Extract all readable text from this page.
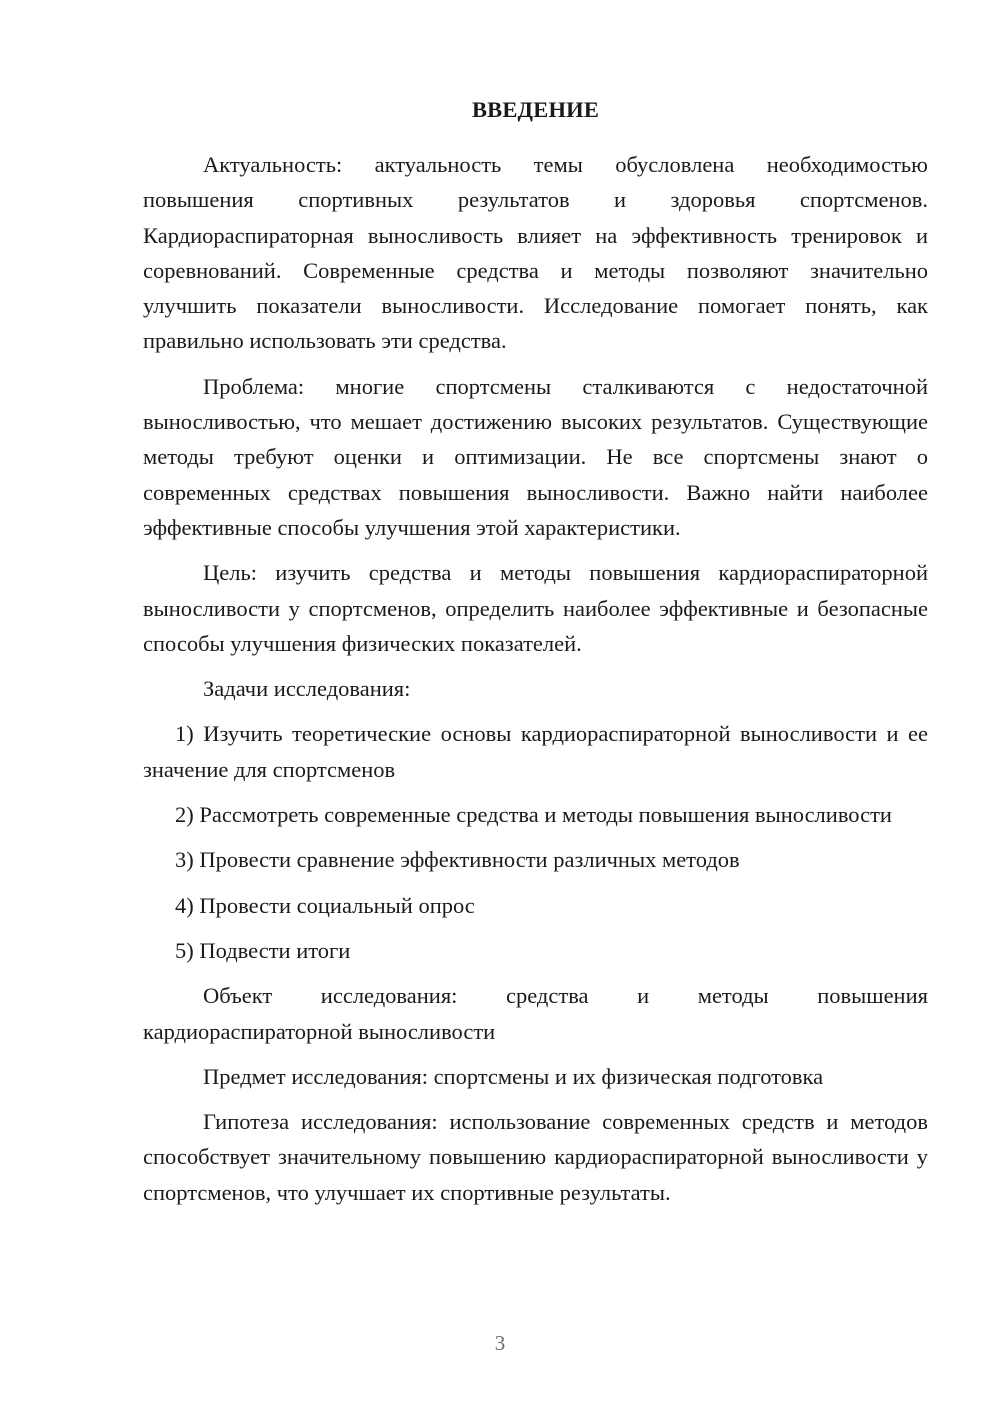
ВВЕДЕНИЕ

Актуальность: актуальность темы обусловлена необходимостью повышения спортивных результатов и здоровья спортсменов. Кардиораспираторная выносливость влияет на эффективность тренировок и соревнований. Современные средства и методы позволяют значительно улучшить показатели выносливости. Исследование помогает понять, как правильно использовать эти средства.

Проблема: многие спортсмены сталкиваются с недостаточной выносливостью, что мешает достижению высоких результатов. Существующие методы требуют оценки и оптимизации. Не все спортсмены знают о современных средствах повышения выносливости. Важно найти наиболее эффективные способы улучшения этой характеристики.

Цель: изучить средства и методы повышения кардиораспираторной выносливости у спортсменов, определить наиболее эффективные и безопасные способы улучшения физических показателей.

Задачи исследования:

1) Изучить теоретические основы кардиораспираторной выносливости и ее значение для спортсменов

2) Рассмотреть современные средства и методы повышения выносливости

3) Провести сравнение эффективности различных методов

4) Провести социальный опрос

5) Подвести итоги

Объект исследования: средства и методы повышения кардиораспираторной выносливости

Предмет исследования: спортсмены и их физическая подготовка

Гипотеза исследования: использование современных средств и методов способствует значительному повышению кардиораспираторной выносливости у спортсменов, что улучшает их спортивные результаты.

3
